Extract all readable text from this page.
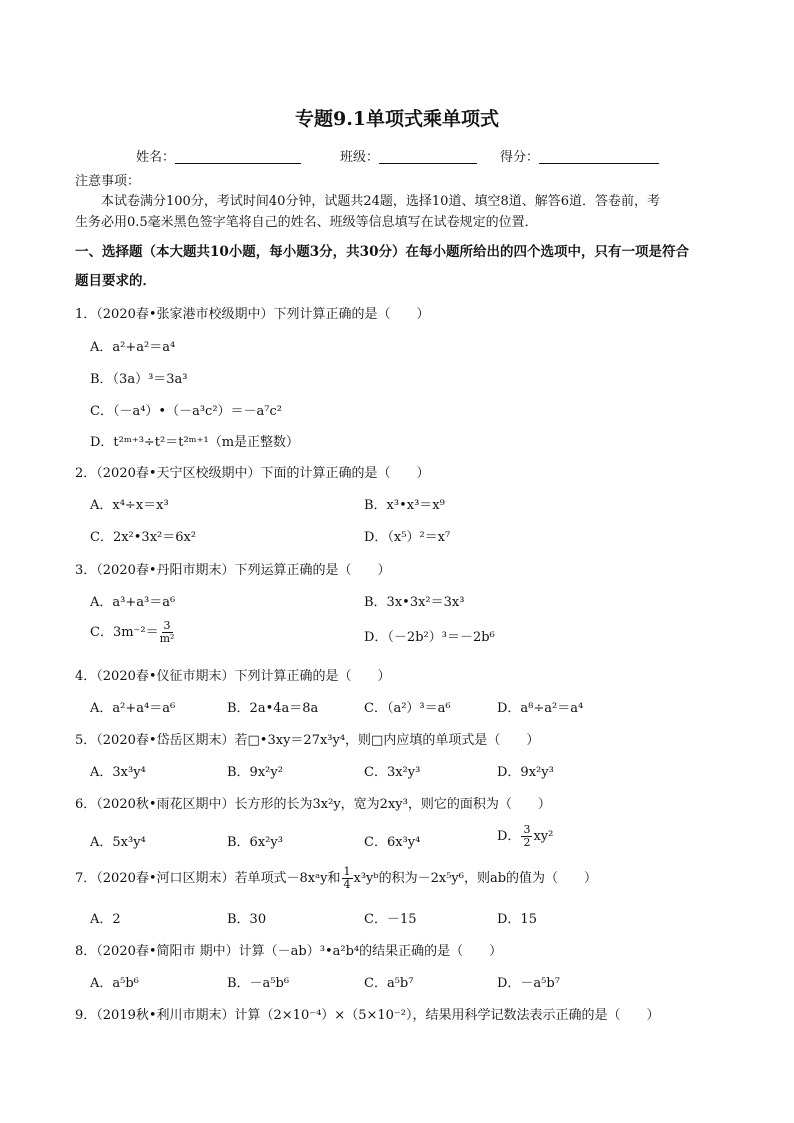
专题9.1单项式乘单项式
姓名：	班级：	得分：
注意事项：
本试卷满分100分，考试时间40分钟，试题共24题，选择10道、填空8道、解答6道．答卷前，考
生务必用0.5毫米黑色签字笔将自己的姓名、班级等信息填写在试卷规定的位置．
一、选择题（本大题共10小题，每小题3分，共30分）在每小题所给出的四个选项中，只有一项是符合
题目要求的．
1．（2020春•张家港市校级期中）下列计算正确的是（　　）
A．a²+a²＝a⁴
B．（3a）³＝3a³
C．（－a⁴）•（－a³c²）＝－a⁷c²
D．t²ᵐ⁺³÷t²＝t²ᵐ⁺¹（m是正整数）
2．（2020春•天宁区校级期中）下面的计算正确的是（　　）
A．x⁴÷x＝x³	B．x³•x³＝x⁹
C．2x²•3x²＝6x²	D．（x⁵）²＝x⁷
3．（2020春•丹阳市期末）下列运算正确的是（　　）
A．a³+a³＝a⁶	B．3x•3x²＝3x³
C．$3m^{-2}= \frac{3}{\text{m²}}$	D．（－2b²）³＝－2b⁶
4．（2020春•仪征市期末）下列计算正确的是（　　）
A．a²+a⁴＝a⁶	B．2a•4a＝8a	C．（a²）³＝a⁶	D．a⁸÷a²＝a⁴
5．（2020春•岱岳区期末）若□•3xy＝27x³y⁴，则□内应填的单项式是（　　）
A．3x³y⁴	B．9x²y²	C．3x²y³	D．9x²y³
6．（2020秋•雨花区期中）长方形的长为3x²y，宽为2xy³，则它的面积为（　　）
A．5x³y⁴	B．6x²y³	C．6x³y⁴	D． $\frac{3}{2} xy^2$
7．（2020春•河口区期末）若单项式－8xᵃy和 $\frac{1}{4}$ x³yᵇ的积为－2x⁵y⁶，则ab的值为（　　）
A．2	B．30	C．－15	D．15
8．（2020春•简阳市 期中）计算（－ab）³•a²b⁴的结果正确的是（　　）
A．a⁵b⁶	B．－a⁵b⁶	C．a⁵b⁷	D．－a⁵b⁷
9．（2019秋•利川市期末）计算（2×10⁻⁴）×（5×10⁻²），结果用科学记数法表示正确的是（　　）
